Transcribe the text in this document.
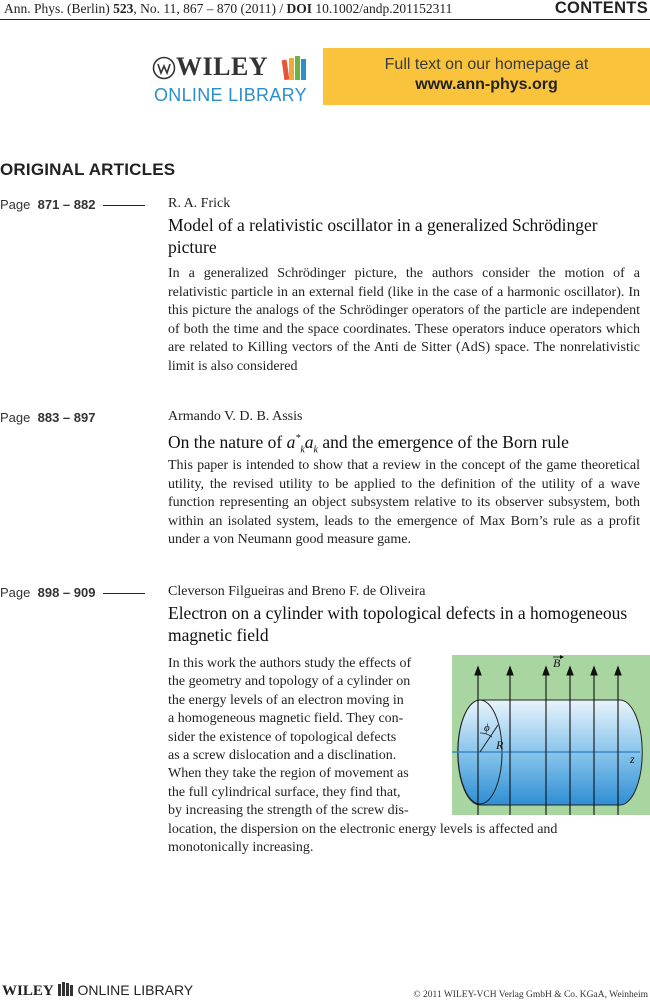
Ann. Phys. (Berlin) 523, No. 11, 867 – 870 (2011) / DOI 10.1002/andp.201152311	CONTENTS
WILEY
ONLINE LIBRARY
Full text on our homepage at
www.ann-phys.org
ORIGINAL ARTICLES
Page 871 – 882	R. A. Frick
Model of a relativistic oscillator in a generalized Schrödinger picture
In a generalized Schrödinger picture, the authors consider the motion of a relativistic particle in an external field (like in the case of a harmonic oscillator). In this picture the analogs of the Schrödinger operators of the particle are independent of both the time and the space coordinates. These operators induce operators which are related to Killing vectors of the Anti de Sitter (AdS) space. The nonrelativistic limit is also considered
Page 883 – 897	Armando V. D. B. Assis
On the nature of $a^*_ka_k$ and the emergence of the Born rule
This paper is intended to show that a review in the concept of the game theoretical utility, the revised utility to be applied to the definition of the utility of a wave function representing an object subsystem relative to its observer subsystem, both within an isolated system, leads to the emergence of Max Born’s rule as a profit under a von Neumann good measure game.
Page 898 – 909	Cleverson Filgueiras and Breno F. de Oliveira
Electron on a cylinder with topological defects in a homogeneous magnetic field
In this work the authors study the effects of
the geometry and topology of a cylinder on
the energy levels of an electron moving in
a homogeneous magnetic field. They con-
sider the existence of topological defects
as a screw dislocation and a disclination.
When they take the region of movement as
the full cylindrical surface, they find that,
by increasing the strength of the screw dis-
location, the dispersion on the electronic energy levels is affected and monotonically increasing.
B
ϕ
R
z
WILEY ONLINE LIBRARY	© 2011 WILEY-VCH Verlag GmbH & Co. KGaA, Weinheim
